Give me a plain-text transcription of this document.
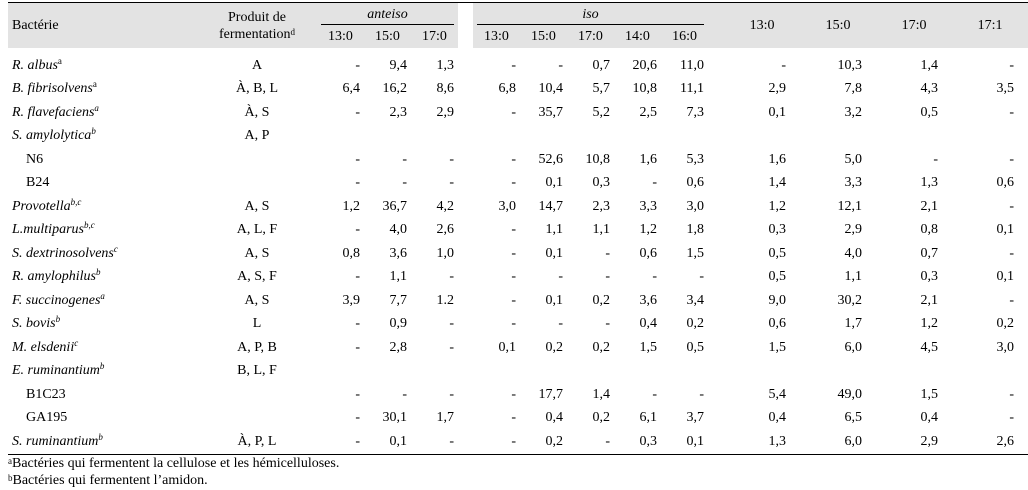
Bactérie	Produit de
fermentation$^d$	anteiso				iso						13:0	15:0	17:0	17:1
		13:0	15:0	17:0		13:0	15:0	17:0	14:0	16:0					
R. albus$^a$	A	-	9,4	1,3		-	-	0,7	20,6	11,0		-	10,3	1,4	-
B. fibrisolvens$^a$	À, B, L	6,4	16,2	8,6		6,8	10,4	5,7	10,8	11,1		2,9	7,8	4,3	3,5
R. flavefaciens$^a$	À, S	-	2,3	2,9		-	35,7	5,2	2,5	7,3		0,1	3,2	0,5	-
S. amylolytica$^b$	A, P														
N6		-	-	-		-	52,6	10,8	1,6	5,3		1,6	5,0	-	-
B24		-	-	-		-	0,1	0,3	-	0,6		1,4	3,3	1,3	0,6
Provotella$^{b,c}$	A, S	1,2	36,7	4,2		3,0	14,7	2,3	3,3	3,0		1,2	12,1	2,1	-
L.multiparus$^{b,c}$	A, L, F	-	4,0	2,6		-	1,1	1,1	1,2	1,8		0,3	2,9	0,8	0,1
S. dextrinosolvens$^c$	A, S	0,8	3,6	1,0		-	0,1	-	0,6	1,5		0,5	4,0	0,7	-
R. amylophilus$^b$	A, S, F	-	1,1	-		-	-	-	-	-		0,5	1,1	0,3	0,1
F. succinogenes$^a$	A, S	3,9	7,7	1.2		-	0,1	0,2	3,6	3,4		9,0	30,2	2,1	-
S. bovis$^b$	L	-	0,9	-		-	-	-	0,4	0,2		0,6	1,7	1,2	0,2
M. elsdenii$^c$	A, P, B	-	2,8	-		0,1	0,2	0,2	1,5	0,5		1,5	6,0	4,5	3,0
E. ruminantium$^b$	B, L, F														
B1C23		-	-	-		-	17,7	1,4	-	-		5,4	49,0	1,5	-
GA195		-	30,1	1,7		-	0,4	0,2	6,1	3,7		0,4	6,5	0,4	-
S. ruminantium$^b$	À, P, L	-	0,1	-		-	0,2	-	0,3	0,1		1,3	6,0	2,9	2,6
$^a$Bactéries qui fermentent la cellulose et les hémicelluloses.
$^b$Bactéries qui fermentent l’amidon.
